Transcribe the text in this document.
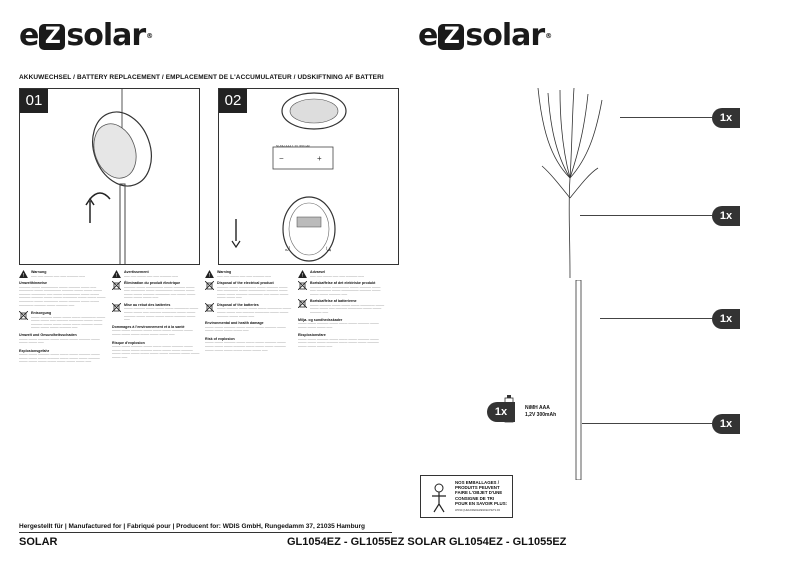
e Z solar ®
AKKUWECHSEL / BATTERY REPLACEMENT / EMPLACEMENT DE L'ACCUMULATEUR / UDSKIFTNING AF BATTERI
01	02
NI-MH AAA 1.2V 300mAh
−	+
⤾	⤿
!
Warnung
—— —— ——— —— —— ———— ——
Umwelthinweise
———— ——— —————— ——— ———— ——— —— ————— ——— —————— ———— ——— ——— ——— ———— ————— —— ——— —————— ——— ——— ———— ———— ——— ——— ————— ——— ——— ——— ————— ——— ————— ——— ———— ——— ——— ————— ———— ——— ———— ——
Entsorgung
——— ———— ——— ——— ——— ————— ——— ——— ——— —— ———— ————— ——— ——— ———— ——— ——— ——— ——— ———— ——— ——— ——— ——— ———— ——
Umwelt und Gesundheitsschaden
——— ——— ———— ——— ——— ——— ———— ——— ——— ——— ——
Explosionsgefahr
——— ——— ———— ——— ——— ——— ———— ——— ——— ——— ——— ———— ——— ——— ——— ———— ——— ——— ——— ——— ——— ——— ——— ——
!
Avertissement
—— —— ——— —— —— ———— ——
Élimination du produit électrique
———— ——— —————— ——— ———— ——— —— ————— ——— —————— ———— ——— ——— ——— ———— ————— —— ——— ——— ——— ——— ——— ——
Mise au rebut des batteries
——— ———— ——— ——— ——— ————— ——— ——— ——— —— ———— ————— ——— ——— ———— ——— ——— ——— ——— ———— ——— ——
Dommages à l'environnement et à la santé
——— ——— ———— ——— ——— ——— ———— ——— ——— ——— ——— ——— ——— ——— ——
Risque d'explosion
——— ——— ———— ——— ——— ——— ———— ——— ——— ——— ——— ———— ——— ——— ——— ———— ——— ——— ——— ——— ——— ——— ———— ——— ——— ——— ——
!
Warning
—— —— ——— —— —— ———— ——
Disposal of the electrical product
———— ——— —————— ——— ———— ——— —— ————— ——— —————— ———— ——— ——— ——— ———— ————— —— ——— ——— ——— ——— ——
Disposal of the batteries
——— ———— ——— ——— ——— ————— ——— ——— ——— —— ———— ————— ——— ——— ———— ——— ——— ——
Environmental and health damage
——— ——— ———— ——— ——— ——— ———— ——— ——— ——— ——— ——— ——
Risk of explosion
——— ——— ———— ——— ——— ——— ———— ——— ——— ——— ——— ———— ——— ——— ——— ———— ——— ——— ——— ——— ——— ——— ——
!
Advarsel
—— —— ——— —— —— ———— ——
Bortskaffelse af det elektriske produkt
———— ——— —————— ——— ———— ——— —— ————— ——— —————— ———— ——— ——— ——— ———— ——
Bortskaffelse af batterierne
——— ———— ——— ——— ——— ————— ——— ——— ——— —— ———— ————— ——— ——— ———— ——
Miljø- og sundhedsskader
——— ——— ———— ——— ——— ——— ———— ——— ——— ——— ——— ——
Eksplosionsfare
——— ——— ———— ——— ——— ——— ———— ——— ——— ——— ——— ———— ——— ——— ——— ———— ——— ——— ——— ——
Hergestellt für | Manufactured for | Fabriqué pour | Producent for: WDIS GmbH, Rungedamm 37, 21035 Hamburg
SOLAR	GL1054EZ - GL1055EZ SOLAR GL1054EZ - GL1055EZ
e Z solar ®
1x
1x
1x
1x
NiMH AAA
1,2V 300mAh
1x
NOS EMBALLAGES /
PRODUITS PEUVENT
FAIRE L'OBJET D'UNE
CONSIGNE DE TRI
POUR EN SAVOIR PLUS:
WWW.QUEFAIREDEMESDECHETS.FR
